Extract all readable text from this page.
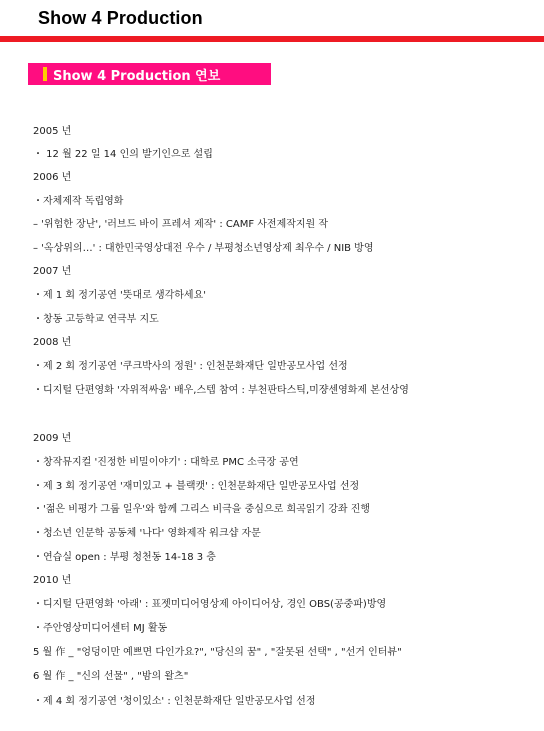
Show 4 Production
Show 4 Production 연보
2005 년
・ 12 월 22 일 14 인의 발기인으로 설립
2006 년
・자체제작 독립영화
– '위험한 장난', '러브드 바이 프레셔 제작' : CAMF 사전제작지원 작
– '옥상위의…' : 대한민국영상대전 우수 / 부평청소년영상제 최우수 / NIB 방영
2007 년
・제 1 회 정기공연 '뜻대로 생각하세요'
・창동 고등학교 연극부 지도
2008 년
・제 2 회 정기공연 '쿠크박사의 정원' : 인천문화재단 일반공모사업 선정
・디지털 단편영화 '자위적싸움' 배우,스텝 참여 : 부천판타스틱,미쟝센영화제 본선상영
2009 년
・창작뮤지컬 '진정한 비밀이야기' : 대학로 PMC 소극장 공연
・제 3 회 정기공연 '재미있고 + 블랙캣' : 인천문화재단 일반공모사업 선정
・'젊은 비평가 그룹 일우'와 함께 그리스 비극을 중심으로 희곡읽기 강좌 진행
・청소년 인문학 공동체 '나다' 영화제작 워크샵 자문
・연습실 open : 부평 청천동 14-18 3 층
2010 년
・디지털 단편영화 '아래' : 표젯미디어영상제 아이디어상, 경인 OBS(공중파)방영
・주안영상미디어센터 MJ 활동
5 월 作 _ "엉덩이만 예쁘면 다인가요?", "당신의 꿈" , "잘못된 선택" , "선거 인터뷰"
6 월 作 _ "신의 선물" , "밤의 왈츠"
・제 4 회 정기공연 '청이있소' : 인천문화재단 일반공모사업 선정
